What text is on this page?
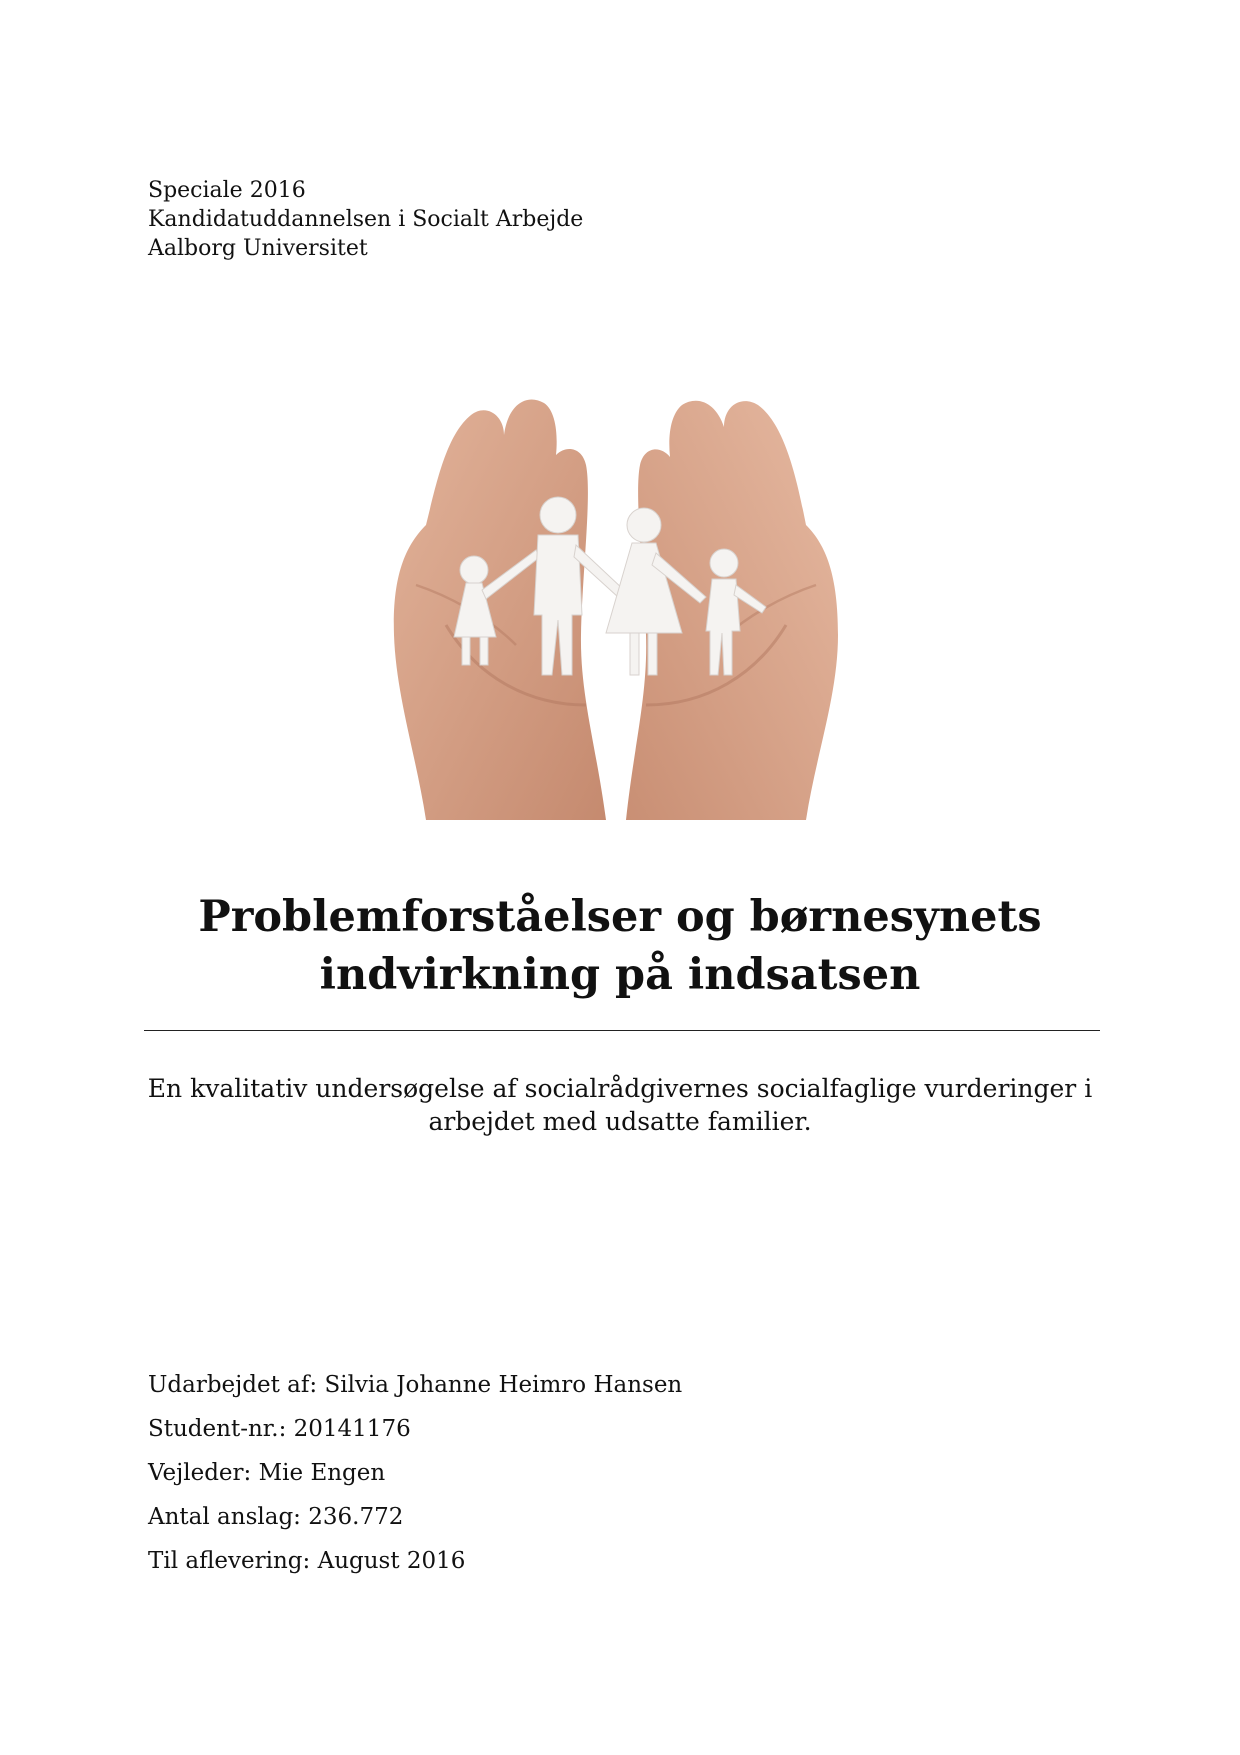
Speciale 2016
Kandidatuddannelsen i Socialt Arbejde
Aalborg Universitet
Problemforståelser og børnesynets
indvirkning på indsatsen
En kvalitativ undersøgelse af socialrådgivernes socialfaglige vurderinger i
arbejdet med udsatte familier.
Udarbejdet af: Silvia Johanne Heimro Hansen
Student-nr.: 20141176
Vejleder: Mie Engen
Antal anslag: 236.772
Til aflevering: August 2016
